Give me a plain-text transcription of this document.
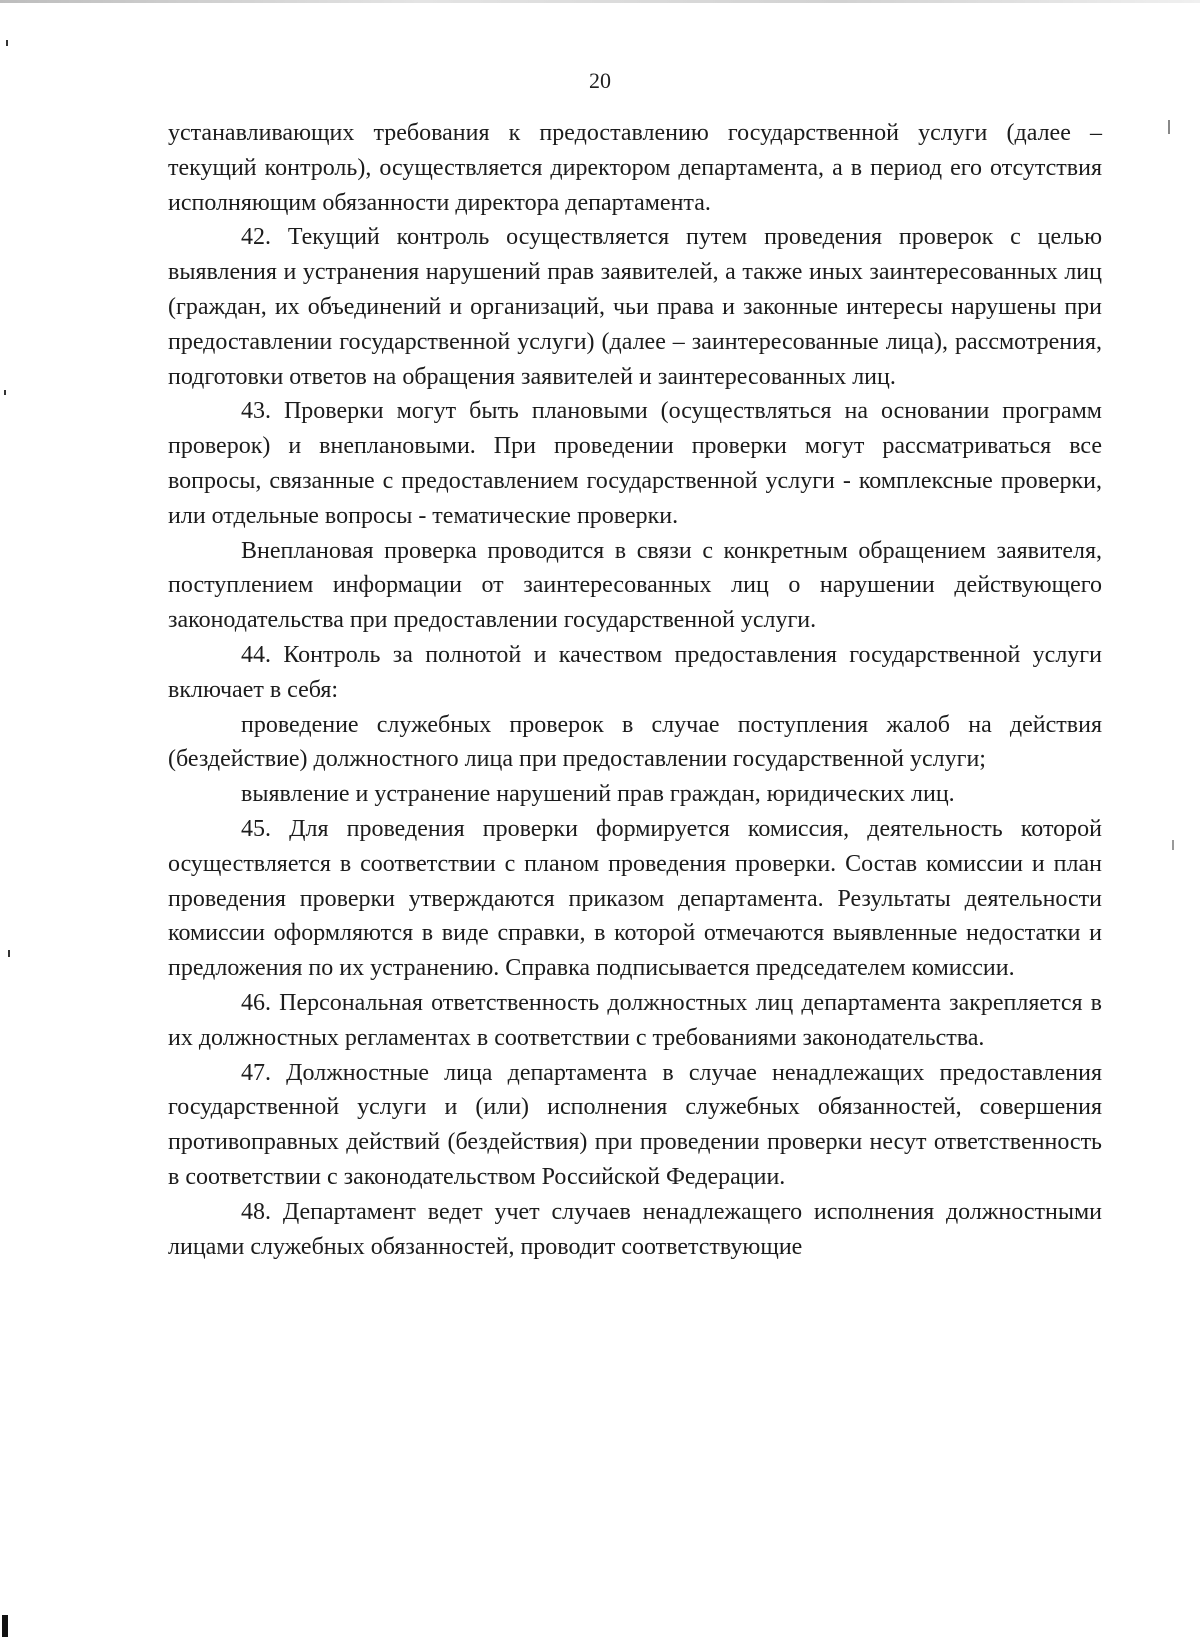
20

устанавливающих требования к предоставлению государственной услуги (далее – текущий контроль), осуществляется директором департамента, а в период его отсутствия исполняющим обязанности директора департамента.

42. Текущий контроль осуществляется путем проведения проверок с целью выявления и устранения нарушений прав заявителей, а также иных заинтересованных лиц (граждан, их объединений и организаций, чьи права и законные интересы нарушены при предоставлении государственной услуги) (далее – заинтересованные лица), рассмотрения, подготовки ответов на обращения заявителей и заинтересованных лиц.

43. Проверки могут быть плановыми (осуществляться на основании программ проверок) и внеплановыми. При проведении проверки могут рассматриваться все вопросы, связанные с предоставлением государственной услуги - комплексные проверки, или отдельные вопросы - тематические проверки.

Внеплановая проверка проводится в связи с конкретным обращением заявителя, поступлением информации от заинтересованных лиц о нарушении действующего законодательства при предоставлении государственной услуги.

44. Контроль за полнотой и качеством предоставления государственной услуги включает в себя:

проведение служебных проверок в случае поступления жалоб на действия (бездействие) должностного лица при предоставлении государственной услуги;

выявление и устранение нарушений прав граждан, юридических лиц.

45. Для проведения проверки формируется комиссия, деятельность которой осуществляется в соответствии с планом проведения проверки. Состав комиссии и план проведения проверки утверждаются приказом департамента. Результаты деятельности комиссии оформляются в виде справки, в которой отмечаются выявленные недостатки и предложения по их устранению. Справка подписывается председателем комиссии.

46. Персональная ответственность должностных лиц департамента закрепляется в их должностных регламентах в соответствии с требованиями законодательства.

47. Должностные лица департамента в случае ненадлежащих предоставления государственной услуги и (или) исполнения служебных обязанностей, совершения противоправных действий (бездействия) при проведении проверки несут ответственность в соответствии с законодательством Российской Федерации.

48. Департамент ведет учет случаев ненадлежащего исполнения должностными лицами служебных обязанностей, проводит соответствующие
